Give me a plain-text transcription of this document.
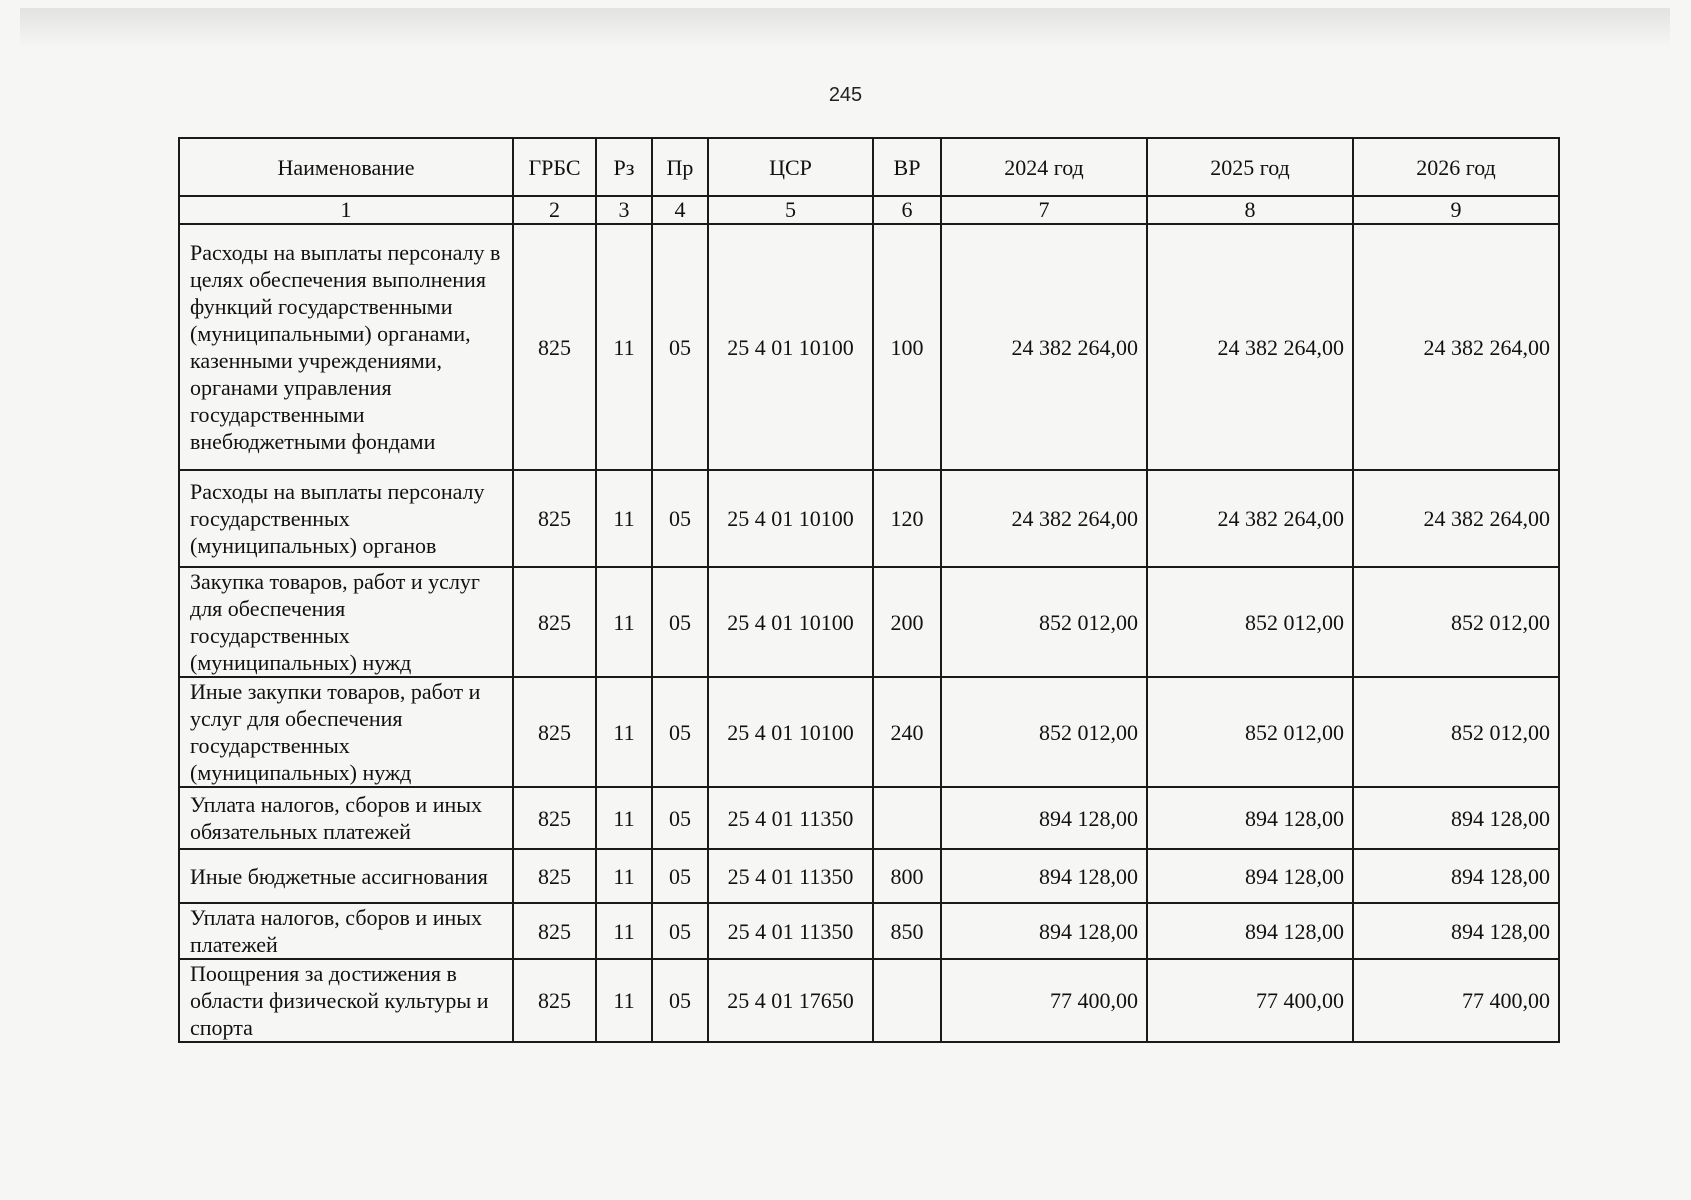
245
Наименование	ГРБС	Рз	Пр	ЦСР	ВР	2024 год	2025 год	2026 год
1	2	3	4	5	6	7	8	9
Расходы на выплаты персоналу в целях обеспечения выполнения функций государственными (муниципальными) органами, казенными учреждениями, органами управления государственными внебюджетными фондами	825	11	05	25 4 01 10100	100	24 382 264,00	24 382 264,00	24 382 264,00
Расходы на выплаты персоналу государственных (муниципальных) органов	825	11	05	25 4 01 10100	120	24 382 264,00	24 382 264,00	24 382 264,00
Закупка товаров, работ и услуг для обеспечения государственных (муниципальных) нужд	825	11	05	25 4 01 10100	200	852 012,00	852 012,00	852 012,00
Иные закупки товаров, работ и услуг для обеспечения государственных (муниципальных) нужд	825	11	05	25 4 01 10100	240	852 012,00	852 012,00	852 012,00
Уплата налогов, сборов и иных обязательных платежей	825	11	05	25 4 01 11350		894 128,00	894 128,00	894 128,00
Иные бюджетные ассигнования	825	11	05	25 4 01 11350	800	894 128,00	894 128,00	894 128,00
Уплата налогов, сборов и иных платежей	825	11	05	25 4 01 11350	850	894 128,00	894 128,00	894 128,00
Поощрения за достижения в области физической культуры и спорта	825	11	05	25 4 01 17650		77 400,00	77 400,00	77 400,00
